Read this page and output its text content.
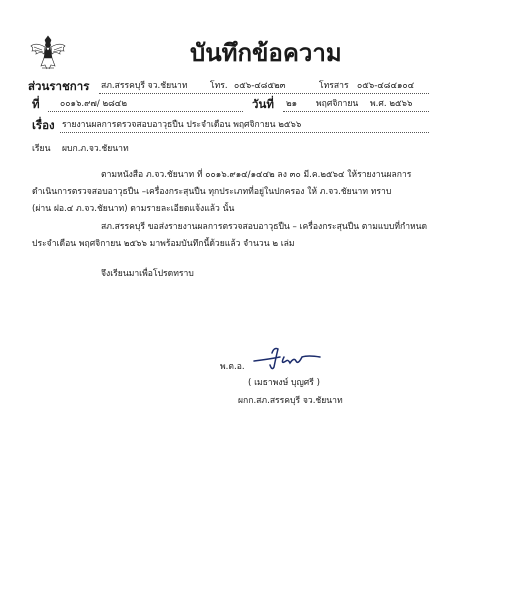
บันทึกข้อความ
ส่วนราชการ สภ.สรรคบุรี จว.ชัยนาท	โทร. ๐๕๖-๔๘๕๒๓	โทรสาร ๐๕๖-๔๘๔๑๐๔
ที่ ๐๐๑๖.๙๗/ ๒๘๔๒	วันที่ ๒๑ พฤศจิกายน พ.ศ. ๒๕๖๖
เรื่อง รายงานผลการตรวจสอบอาวุธปืน ประจำเดือน พฤศจิกายน ๒๕๖๖
เรียน ผบก.ภ.จว.ชัยนาท
ตามหนังสือ ภ.จว.ชัยนาท ที่ ๐๐๑๖.๙๑๔/๑๔๔๒ ลง ๓๐ มี.ค.๒๕๖๔ ให้รายงานผลการ
ดำเนินการตรวจสอบอาวุธปืน –เครื่องกระสุนปืน ทุกประเภทที่อยู่ในปกครอง ให้ ภ.จว.ชัยนาท ทราบ
(ผ่าน ฝอ.๔ ภ.จว.ชัยนาท) ตามรายละเอียดแจ้งแล้ว นั้น
สภ.สรรคบุรี ขอส่งรายงานผลการตรวจสอบอาวุธปืน – เครื่องกระสุนปืน ตามแบบที่กำหนด
ประจำเดือน พฤศจิกายน ๒๕๖๖ มาพร้อมบันทึกนี้ด้วยแล้ว จำนวน ๒ เล่ม
จึงเรียนมาเพื่อโปรดทราบ
พ.ต.อ.
( เมธาพงษ์ บุญศรี )
ผกก.สภ.สรรคบุรี จว.ชัยนาท
